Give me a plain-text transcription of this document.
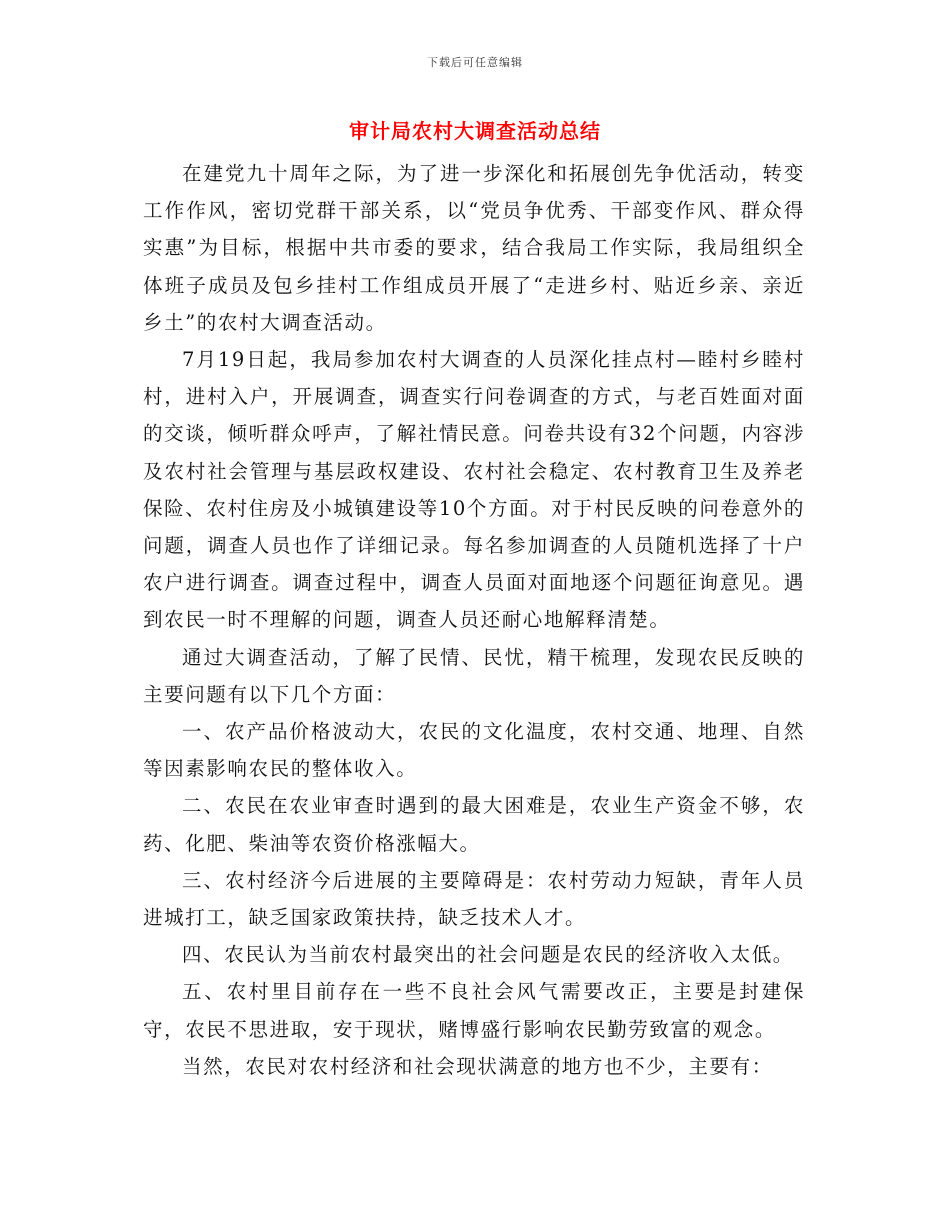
下载后可任意编辑
审计局农村大调查活动总结

在建党九十周年之际，为了进一步深化和拓展创先争优活动，转变工作作风，密切党群干部关系，以“党员争优秀、干部变作风、群众得实惠”为目标，根据中共市委的要求，结合我局工作实际，我局组织全体班子成员及包乡挂村工作组成员开展了“走进乡村、贴近乡亲、亲近乡土”的农村大调查活动。

7月19日起，我局参加农村大调查的人员深化挂点村—睦村乡睦村村，进村入户，开展调查，调查实行问卷调查的方式，与老百姓面对面的交谈，倾听群众呼声，了解社情民意。问卷共设有32个问题，内容涉及农村社会管理与基层政权建设、农村社会稳定、农村教育卫生及养老保险、农村住房及小城镇建设等10个方面。对于村民反映的问卷意外的问题，调查人员也作了详细记录。每名参加调查的人员随机选择了十户农户进行调查。调查过程中，调查人员面对面地逐个问题征询意见。遇到农民一时不理解的问题，调查人员还耐心地解释清楚。

通过大调查活动，了解了民情、民忧，精干梳理，发现农民反映的主要问题有以下几个方面：

一、农产品价格波动大，农民的文化温度，农村交通、地理、自然等因素影响农民的整体收入。

二、农民在农业审查时遇到的最大困难是，农业生产资金不够，农药、化肥、柴油等农资价格涨幅大。

三、农村经济今后进展的主要障碍是：农村劳动力短缺，青年人员进城打工，缺乏国家政策扶持，缺乏技术人才。

四、农民认为当前农村最突出的社会问题是农民的经济收入太低。

五、农村里目前存在一些不良社会风气需要改正，主要是封建保守，农民不思进取，安于现状，赌博盛行影响农民勤劳致富的观念。

当然，农民对农村经济和社会现状满意的地方也不少，主要有：
